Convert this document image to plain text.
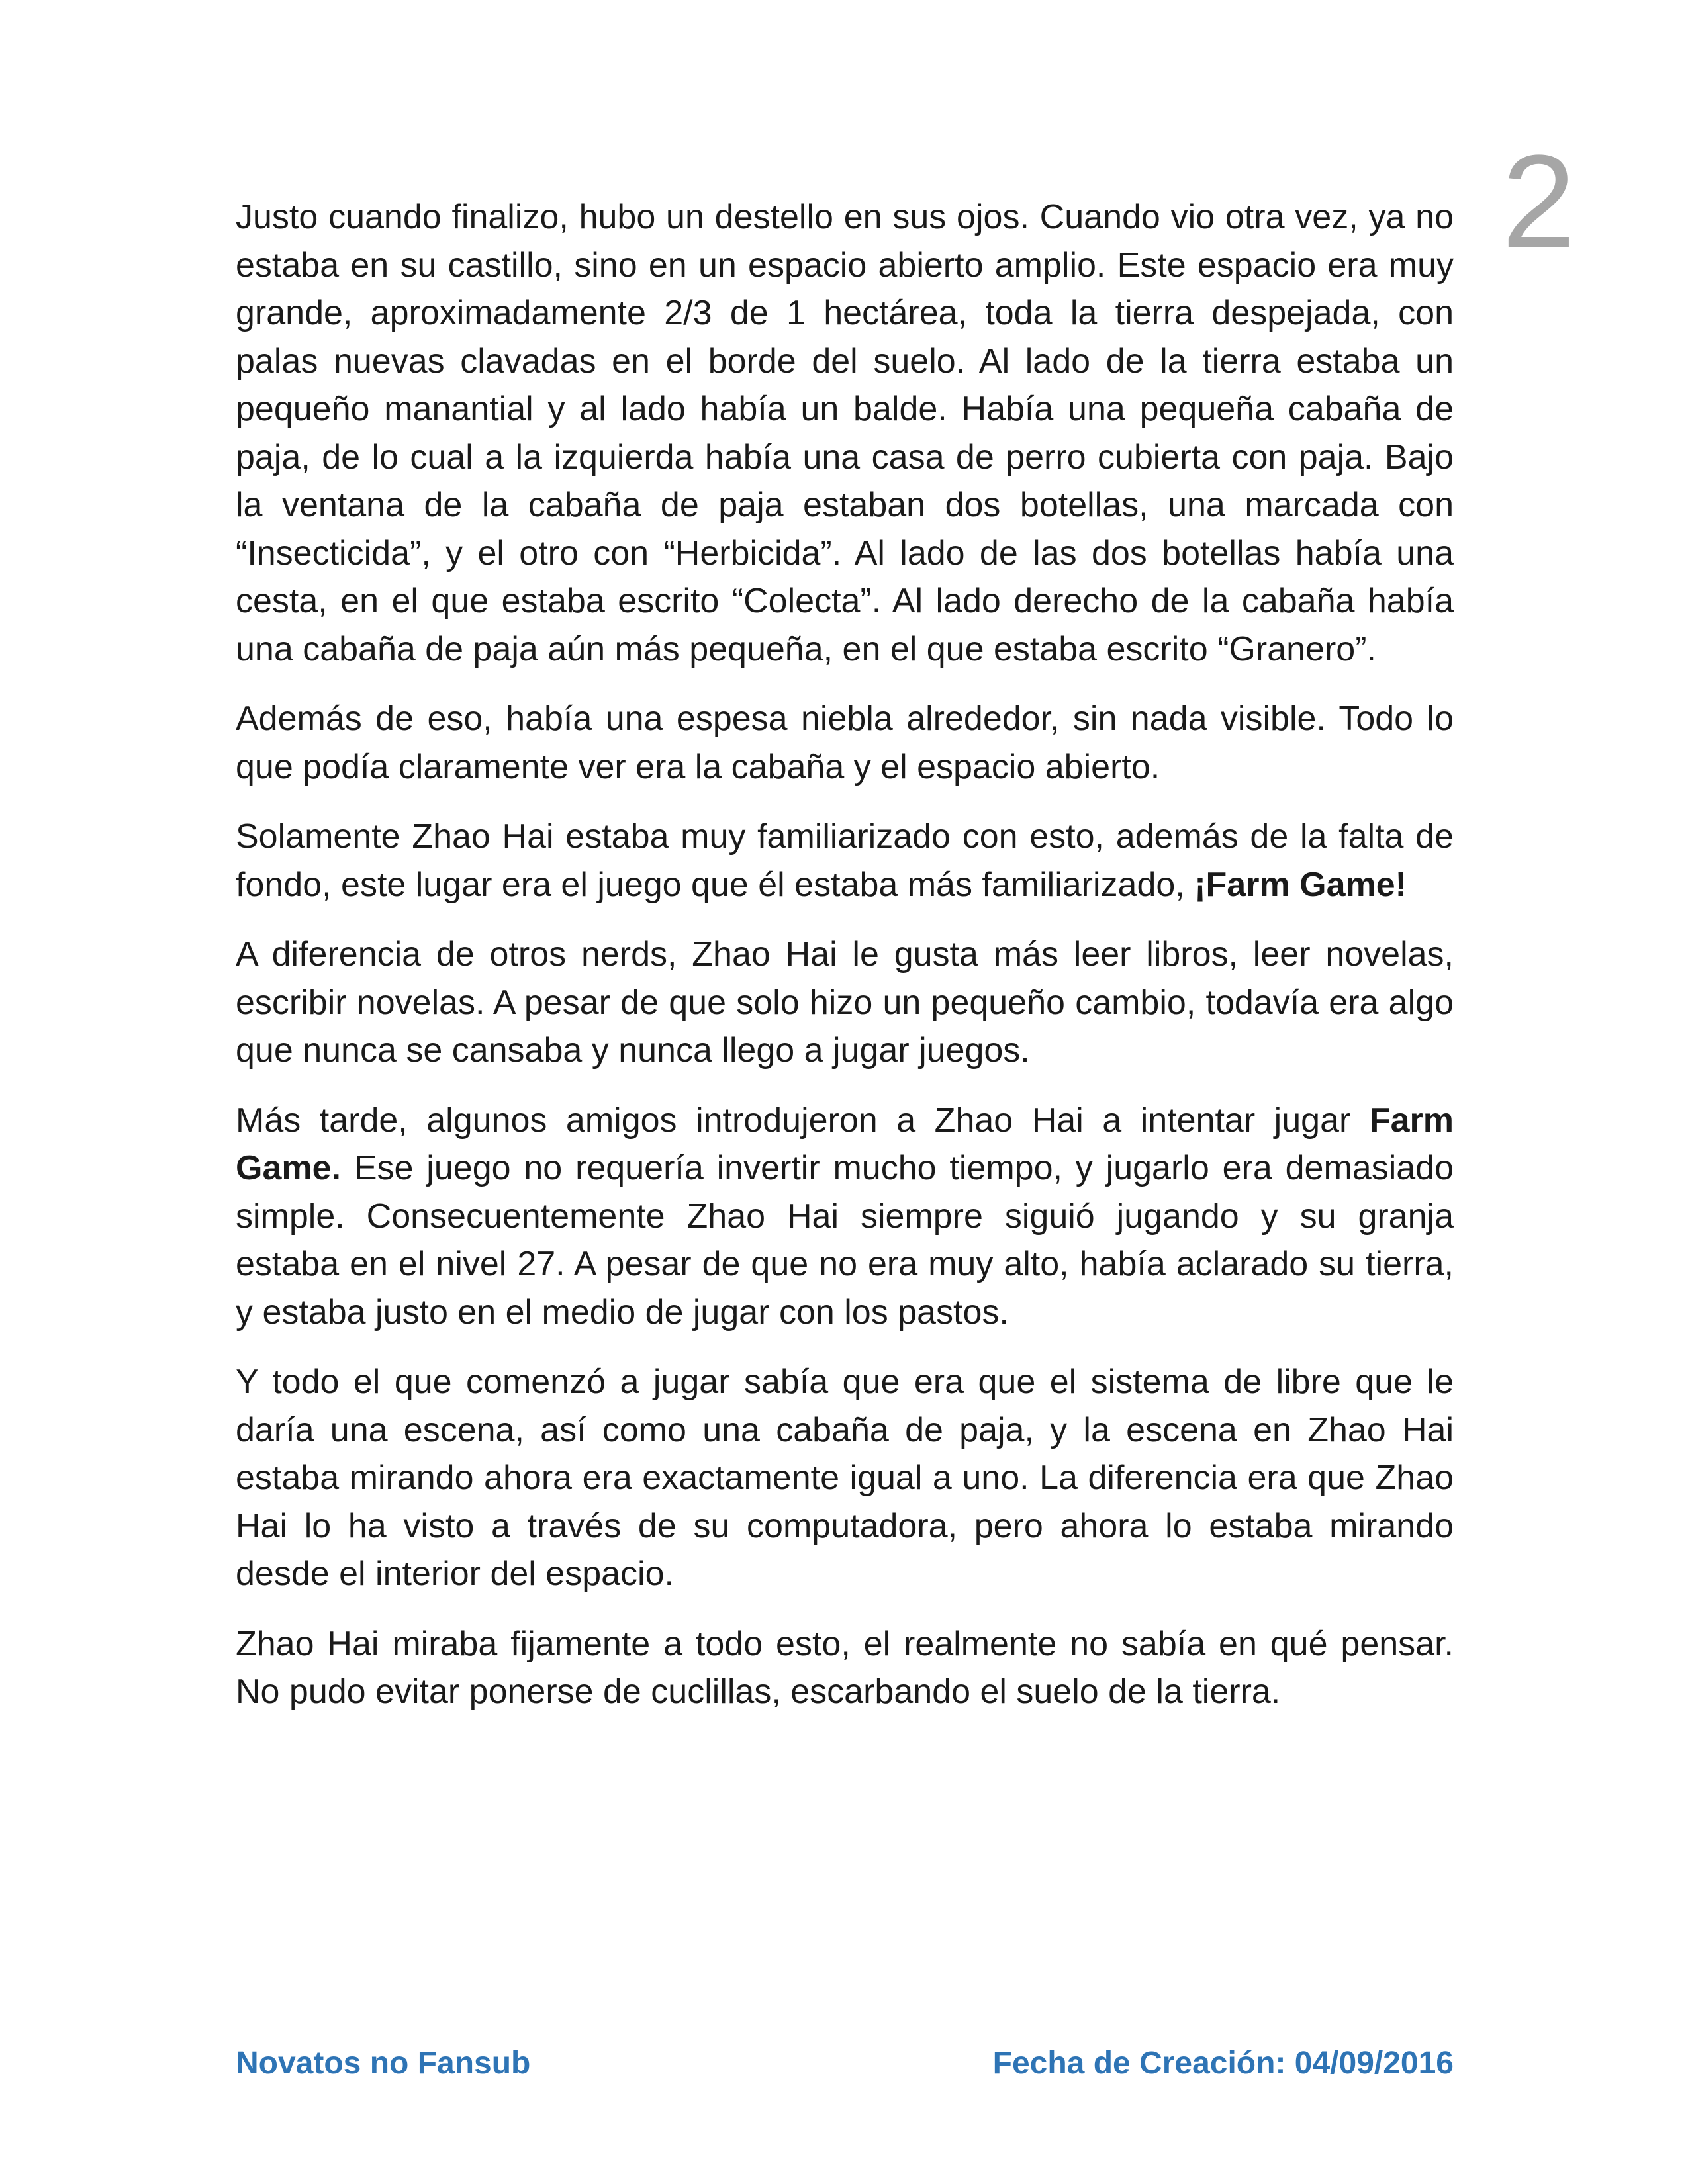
2

Justo cuando finalizo, hubo un destello en sus ojos. Cuando vio otra vez, ya no estaba en su castillo, sino en un espacio abierto amplio. Este espacio era muy grande, aproximadamente 2/3 de 1 hectárea, toda la tierra despejada, con palas nuevas clavadas en el borde del suelo. Al lado de la tierra estaba un pequeño manantial y al lado había un balde. Había una pequeña cabaña de paja, de lo cual a la izquierda había una casa de perro cubierta con paja. Bajo la ventana de la cabaña de paja estaban dos botellas, una marcada con “Insecticida”, y el otro con “Herbicida”. Al lado de las dos botellas había una cesta, en el que estaba escrito “Colecta”. Al lado derecho de la cabaña había una cabaña de paja aún más pequeña, en el que estaba escrito “Granero”.

Además de eso, había una espesa niebla alrededor, sin nada visible. Todo lo que podía claramente ver era la cabaña y el espacio abierto.

Solamente Zhao Hai estaba muy familiarizado con esto, además de la falta de fondo, este lugar era el juego que él estaba más familiarizado, ¡Farm Game!

A diferencia de otros nerds, Zhao Hai le gusta más leer libros, leer novelas, escribir novelas. A pesar de que solo hizo un pequeño cambio, todavía era algo que nunca se cansaba y nunca llego a jugar juegos.

Más tarde, algunos amigos introdujeron a Zhao Hai a intentar jugar Farm Game. Ese juego no requería invertir mucho tiempo, y jugarlo era demasiado simple. Consecuentemente Zhao Hai siempre siguió jugando y su granja estaba en el nivel 27. A pesar de que no era muy alto, había aclarado su tierra, y estaba justo en el medio de jugar con los pastos.

Y todo el que comenzó a jugar sabía que era que el sistema de libre que le daría una escena, así como una cabaña de paja, y la escena en Zhao Hai estaba mirando ahora era exactamente igual a uno. La diferencia era que Zhao Hai lo ha visto a través de su computadora, pero ahora lo estaba mirando desde el interior del espacio.

Zhao Hai miraba fijamente a todo esto, el realmente no sabía en qué pensar. No pudo evitar ponerse de cuclillas, escarbando el suelo de la tierra.

Novatos no Fansub	Fecha de Creación: 04/09/2016
